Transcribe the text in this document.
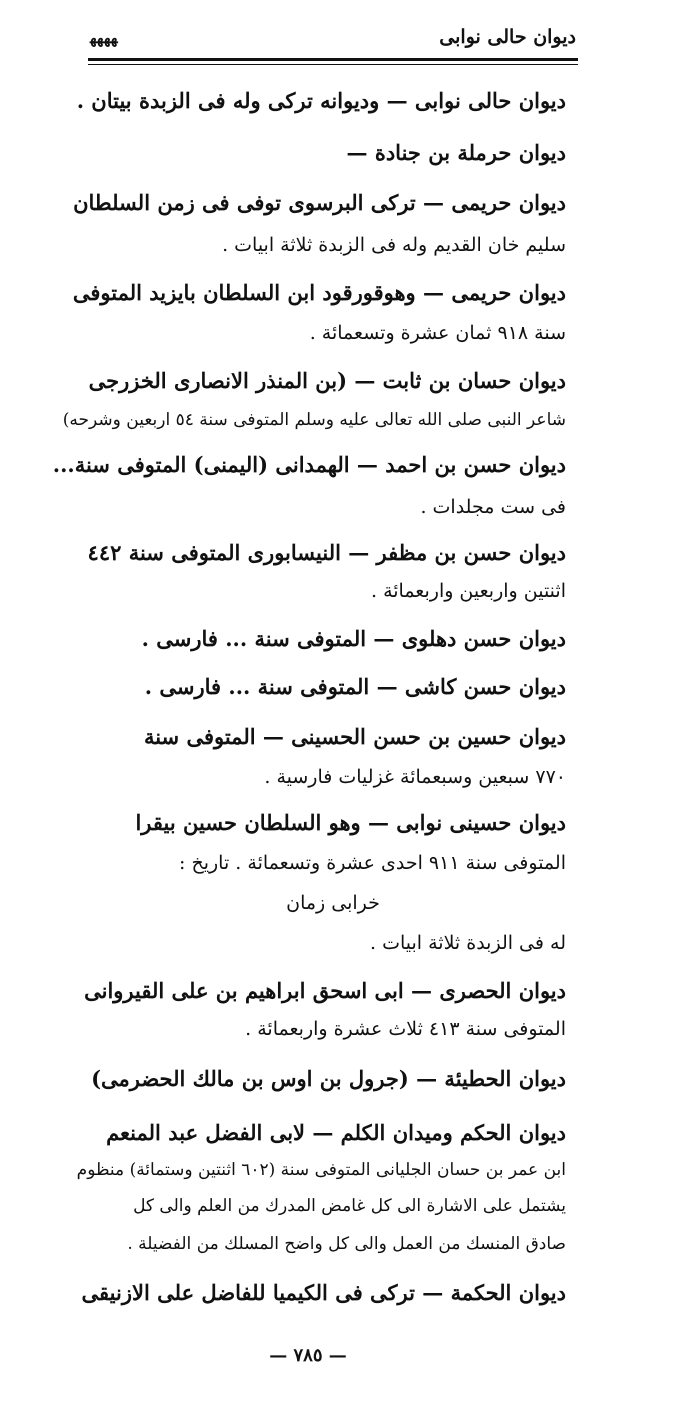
ديوان حالى نوابى
ﮭﮭﮭﮭ
ديوان حالى نوابى — وديوانه تركى وله فى الزبدة بيتان .
ديوان حرملة بن جنادة —
ديوان حريمى — تركى البرسوى توفى فى زمن السلطان
سليم خان القديم وله فى الزبدة ثلاثة ابيات .
ديوان حريمى — وهوقورقود ابن السلطان بايزيد المتوفى
سنة ٩١٨ ثمان عشرة وتسعمائة .
ديوان حسان بن ثابت — (بن المنذر الانصارى الخزرجى
شاعر النبى صلى الله تعالى عليه وسلم المتوفى سنة ٥٤ اربعين وشرحه)
ديوان حسن بن احمد — الهمدانى (اليمنى) المتوفى سنة...
فى ست مجلدات .
ديوان حسن بن مظفر — النيسابورى المتوفى سنة ٤٤٢
اثنتين واربعين واربعمائة .
ديوان حسن دهلوى — المتوفى سنة ... فارسى .
ديوان حسن كاشى — المتوفى سنة ... فارسى .
ديوان حسين بن حسن الحسينى — المتوفى سنة
٧٧٠ سبعين وسبعمائة غزليات فارسية .
ديوان حسينى نوابى — وهو السلطان حسين بيقرا
المتوفى سنة ٩١١ احدى عشرة وتسعمائة . تاريخ :
خرابى زمان
له فى الزبدة ثلاثة ابيات .
ديوان الحصرى — ابى اسحق ابراهيم بن على القيروانى
المتوفى سنة ٤١٣ ثلاث عشرة واربعمائة .
ديوان الحطيئة — (جرول بن اوس بن مالك الحضرمى)
ديوان الحكم وميدان الكلم — لابى الفضل عبد المنعم
ابن عمر بن حسان الجليانى المتوفى سنة (٦٠٢ اثنتين وستمائة) منظوم
يشتمل على الاشارة الى كل غامض المدرك من العلم والى كل
صادق المنسك من العمل والى كل واضح المسلك من الفضيلة .
ديوان الحكمة — تركى فى الكيميا للفاضل على الازنيقى
— ٧٨٥ —
